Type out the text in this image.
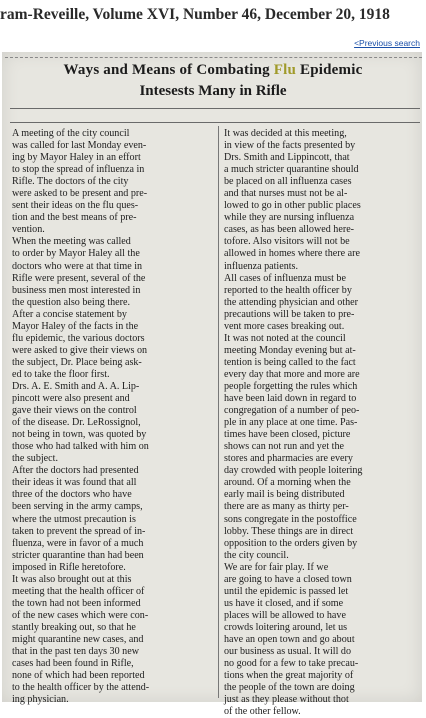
ram-Reveille, Volume XVI, Number 46, December 20, 1918
<Previous search
Ways and Means of Combating Flu Epidemic
Intesests Many in Rifle
A meeting of the city council
was called for last Monday even-
ing by Mayor Haley in an effort
to stop the spread of influenza in
Rifle. The doctors of the city
were asked to be present and pre-
sent their ideas on the flu ques-
tion and the best means of pre-
vention.
When the meeting was called
to order by Mayor Haley all the
doctors who were at that time in
Rifle were present, several of the
business men most interested in
the question also being there.
After a concise statement by
Mayor Haley of the facts in the
flu epidemic, the various doctors
were asked to give their views on
the subject, Dr. Place being ask-
ed to take the floor first.
Drs. A. E. Smith and A. A. Lip-
pincott were also present and
gave their views on the control
of the disease. Dr. LeRossignol,
not being in town, was quoted by
those who had talked with him on
the subject.
After the doctors had presented
their ideas it was found that all
three of the doctors who have
been serving in the army camps,
where the utmost precaution is
taken to prevent the spread of in-
fluenza, were in favor of a much
stricter quarantine than had been
imposed in Rifle heretofore.
It was also brought out at this
meeting that the health officer of
the town had not been informed
of the new cases which were con-
stantly breaking out, so that he
might quarantine new cases, and
that in the past ten days 30 new
cases had been found in Rifle,
none of which had been reported
to the health officer by the attend-
ing physician.
It was decided at this meeting,
in view of the facts presented by
Drs. Smith and Lippincott, that
a much stricter quarantine should
be placed on all influenza cases
and that nurses must not be al-
lowed to go in other public places
while they are nursing influenza
cases, as has been allowed here-
tofore. Also visitors will not be
allowed in homes where there are
influenza patients.
All cases of influenza must be
reported to the health officer by
the attending physician and other
precautions will be taken to pre-
vent more cases breaking out.
It was not noted at the council
meeting Monday evening but at-
tention is being called to the fact
every day that more and more are
people forgetting the rules which
have been laid down in regard to
congregation of a number of peo-
ple in any place at one time. Pas-
times have been closed, picture
shows can not run and yet the
stores and pharmacies are every
day crowded with people loitering
around. Of a morning when the
early mail is being distributed
there are as many as thirty per-
sons congregate in the postoffice
lobby. These things are in direct
opposition to the orders given by
the city council.
We are for fair play. If we
are going to have a closed town
until the epidemic is passed let
us have it closed, and if some
places will be allowed to have
crowds loitering around, let us
have an open town and go about
our business as usual. It will do
no good for a few to take precau-
tions when the great majority of
the people of the town are doing
just as they please without thot
of the other fellow.
